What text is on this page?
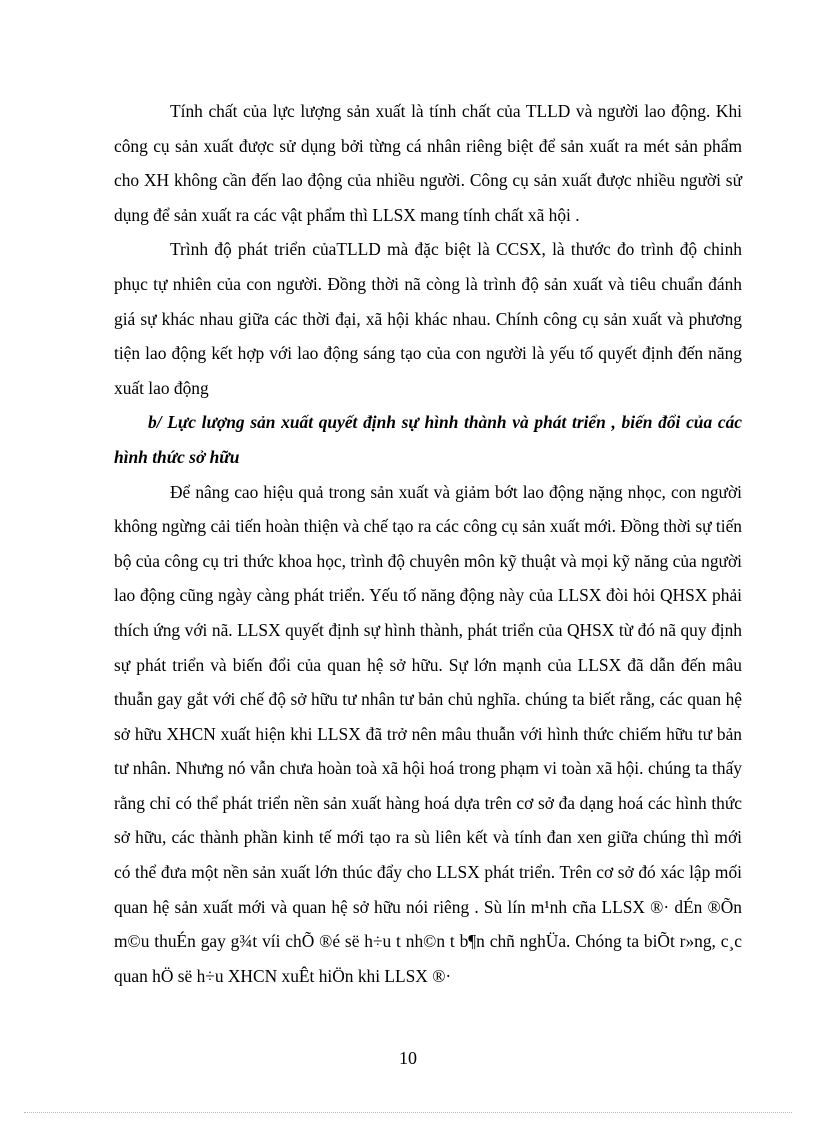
Tính chất của lực lượng sản xuất là tính chất của TLLD và người lao động. Khi công cụ sản xuất được sử dụng bởi từng cá nhân riêng biệt để sản xuất ra mét sản phẩm cho XH không cần đến lao động của nhiều người. Công cụ sản xuất được nhiều người sử dụng để sản xuất ra các vật phẩm thì LLSX mang tính chất xã hội .

Trình độ phát triển củaTLLD mà đặc biệt là CCSX, là thước đo trình độ chinh phục tự nhiên của con người. Đồng thời nã còng là trình độ sản xuất và tiêu chuẩn đánh giá sự khác nhau giữa các thời đại, xã hội khác nhau. Chính công cụ sản xuất và phương tiện lao động kết hợp với lao động sáng tạo của con người là yếu tố quyết định đến năng xuất lao động

b/ Lực lượng sản xuất quyết định sự hình thành và phát triển , biến đổi của các hình thức sở hữu

Để nâng cao hiệu quả trong sản xuất và giảm bớt lao động nặng nhọc, con người không ngừng cải tiến hoàn thiện và chế tạo ra các công cụ sản xuất mới. Đồng thời sự tiến bộ của công cụ tri thức khoa học, trình độ chuyên môn kỹ thuật và mọi kỹ năng của người lao động cũng ngày càng phát triển. Yếu tố năng động này của LLSX đòi hỏi QHSX phải thích ứng với nã. LLSX quyết định sự hình thành, phát triển của QHSX từ đó nã quy định sự phát triển và biến đổi của quan hệ sở hữu. Sự lớn mạnh của LLSX đã dẫn đến mâu thuẫn gay gắt với chế độ sở hữu tư nhân tư bản chủ nghĩa. chúng ta biết rằng, các quan hệ sở hữu XHCN xuất hiện khi LLSX đã trở nên mâu thuẫn với hình thức chiếm hữu tư bản tư nhân. Nhưng nó vẫn chưa hoàn toà xã hội hoá trong phạm vi toàn xã hội. chúng ta thấy rằng chỉ có thể phát triển nền sản xuất hàng hoá dựa trên cơ sở đa dạng hoá các hình thức sở hữu, các thành phần kinh tế mới tạo ra sù liên kết và tính đan xen giữa chúng thì mới có thể đưa một nền sản xuất lớn thúc đẩy cho LLSX phát triển. Trên cơ sở đó xác lập mối quan hệ sản xuất mới và quan hệ sở hữu nói riêng . Sù lín m¹nh cña LLSX ®· dÉn ®Õn m©u thuÉn gay g¾t víi chÕ ®é së h÷u t nh©n t b¶n chñ nghÜa. Chóng ta biÕt r»ng, c¸c quan hÖ së h÷u XHCN xuÊt hiÖn khi LLSX ®·

10
